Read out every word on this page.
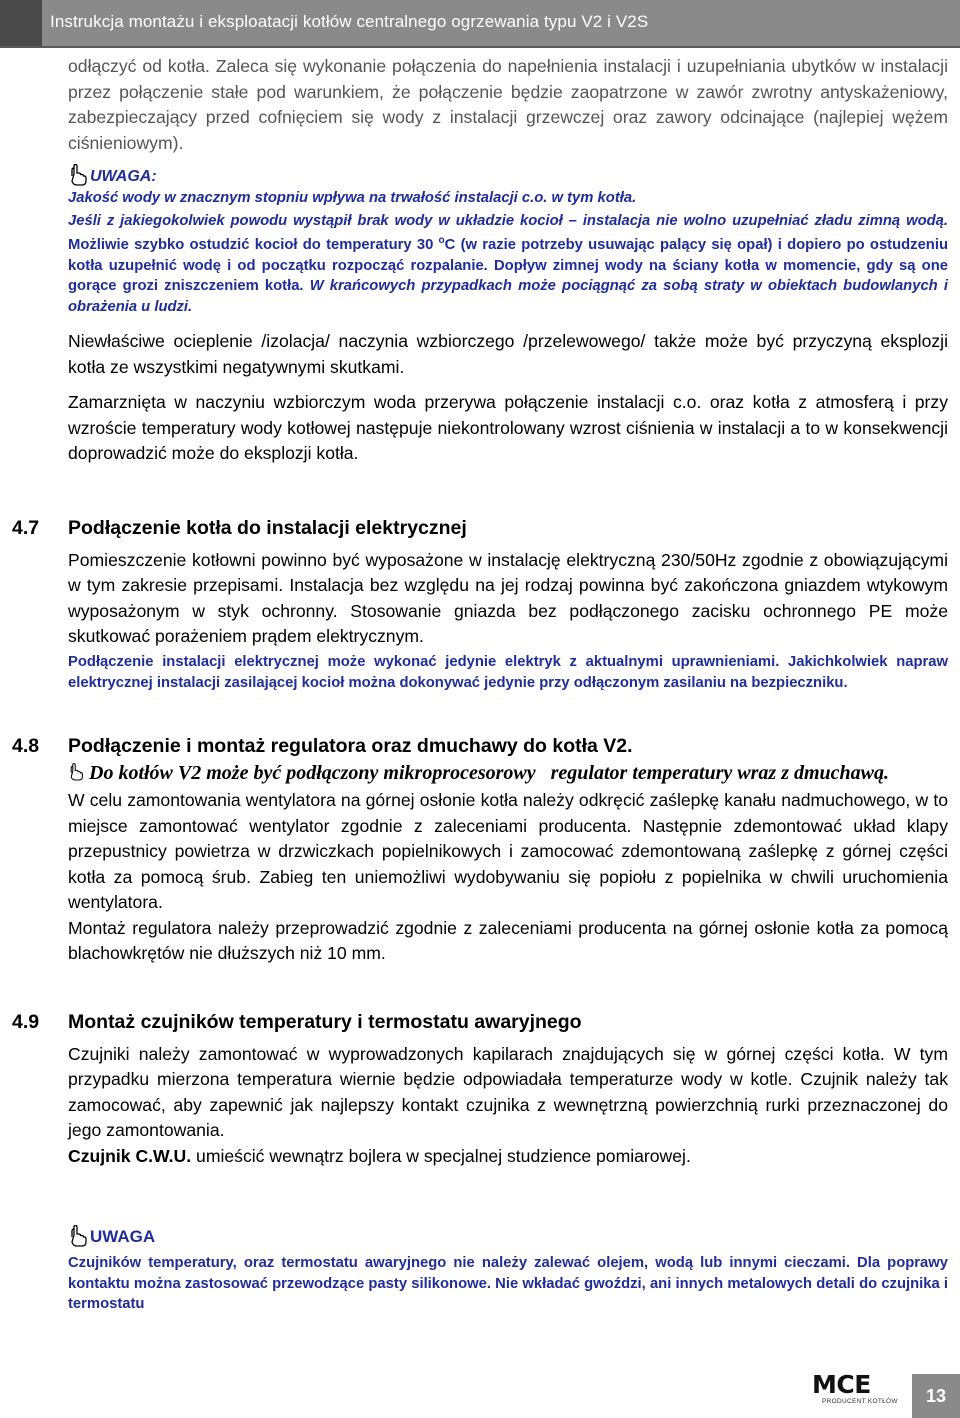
Instrukcja montażu i eksploatacji kotłów centralnego ogrzewania typu V2 i V2S

odłączyć od kotła. Zaleca się wykonanie połączenia do napełnienia instalacji i uzupełniania ubytków w instalacji przez połączenie stałe pod warunkiem, że połączenie będzie zaopatrzone w zawór zwrotny antyskażeniowy, zabezpieczający przed cofnięciem się wody z instalacji grzewczej oraz zawory odcinające (najlepiej wężem ciśnieniowym).

UWAGA:

Jakość wody w znacznym stopniu wpływa na trwałość instalacji c.o. w tym kotła.

Jeśli z jakiegokolwiek powodu wystąpił brak wody w układzie kocioł – instalacja nie wolno uzupełniać zładu zimną wodą. Możliwie szybko ostudzić kocioł do temperatury 30 $^o$C (w razie potrzeby usuwając palący się opał) i dopiero po ostudzeniu kotła uzupełnić wodę i od początku rozpocząć rozpalanie. Dopływ zimnej wody na ściany kotła w momencie, gdy są one gorące grozi zniszczeniem kotła. W krańcowych przypadkach może pociągnąć za sobą straty w obiektach budowlanych i obrażenia u ludzi.

Niewłaściwe ocieplenie /izolacja/ naczynia wzbiorczego /przelewowego/ także może być przyczyną eksplozji kotła ze wszystkimi negatywnymi skutkami.

Zamarznięta w naczyniu wzbiorczym woda przerywa połączenie instalacji c.o. oraz kotła z atmosferą i przy wzroście temperatury wody kotłowej następuje niekontrolowany wzrost ciśnienia w instalacji a to w konsekwencji doprowadzić może do eksplozji kotła.

4.7	Podłączenie kotła do instalacji elektrycznej

Pomieszczenie kotłowni powinno być wyposażone w instalację elektryczną 230/50Hz zgodnie z obowiązującymi w tym zakresie przepisami. Instalacja bez względu na jej rodzaj powinna być zakończona gniazdem wtykowym wyposażonym w styk ochronny. Stosowanie gniazda bez podłączonego zacisku ochronnego PE może skutkować porażeniem prądem elektrycznym.

Podłączenie instalacji elektrycznej może wykonać jedynie elektryk z aktualnymi uprawnieniami. Jakichkolwiek napraw elektrycznej instalacji zasilającej kocioł można dokonywać jedynie przy odłączonym zasilaniu na bezpieczniku.

4.8	Podłączenie i montaż regulatora oraz dmuchawy do kotła V2.

Do kotłów V2 może być podłączony mikroprocesorowy   regulator temperatury wraz z dmuchawą.

W celu zamontowania wentylatora na górnej osłonie kotła należy odkręcić zaślepkę kanału nadmuchowego, w to miejsce zamontować wentylator zgodnie z zaleceniami producenta. Następnie zdemontować układ klapy przepustnicy powietrza w drzwiczkach popielnikowych i zamocować zdemontowaną zaślepkę z górnej części kotła za pomocą śrub. Zabieg ten uniemożliwi wydobywaniu się popiołu z popielnika w chwili uruchomienia wentylatora.

Montaż regulatora należy przeprowadzić zgodnie z zaleceniami producenta na górnej osłonie kotła za pomocą blachowkrętów nie dłuższych niż 10 mm.

4.9	Montaż czujników temperatury i termostatu awaryjnego

Czujniki należy zamontować w wyprowadzonych kapilarach znajdujących się w górnej części kotła. W tym przypadku mierzona temperatura wiernie będzie odpowiadała temperaturze wody w kotle. Czujnik należy tak zamocować, aby zapewnić jak najlepszy kontakt czujnika z wewnętrzną powierzchnią rurki przeznaczonej do jego zamontowania.

Czujnik C.W.U. umieścić wewnątrz bojlera w specjalnej studzience pomiarowej.

UWAGA

Czujników temperatury, oraz termostatu awaryjnego nie należy zalewać olejem, wodą lub innymi cieczami. Dla poprawy kontaktu można zastosować przewodzące pasty silikonowe. Nie wkładać gwoździ, ani innych metalowych detali do czujnika i termostatu

MCE
PRODUCENT KOTŁÓW	13
